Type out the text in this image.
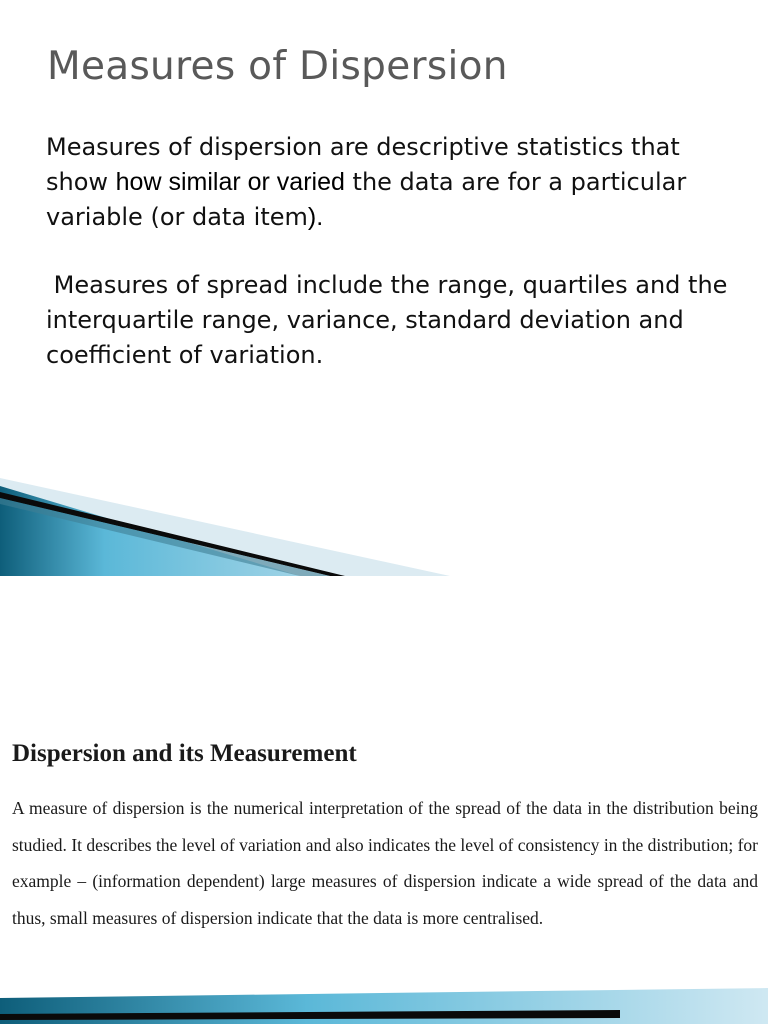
Measures of Dispersion

Measures of dispersion are descriptive statistics that show how similar or varied the data are for a particular variable (or data item).

Measures of spread include the range, quartiles and the interquartile range, variance, standard deviation and coefficient of variation.

Dispersion and its Measurement

A measure of dispersion is the numerical interpretation of the spread of the data in the distribution being studied. It describes the level of variation and also indicates the level of consistency in the distribution; for example – (information dependent) large measures of dispersion indicate a wide spread of the data and thus, small measures of dispersion indicate that the data is more centralised.
